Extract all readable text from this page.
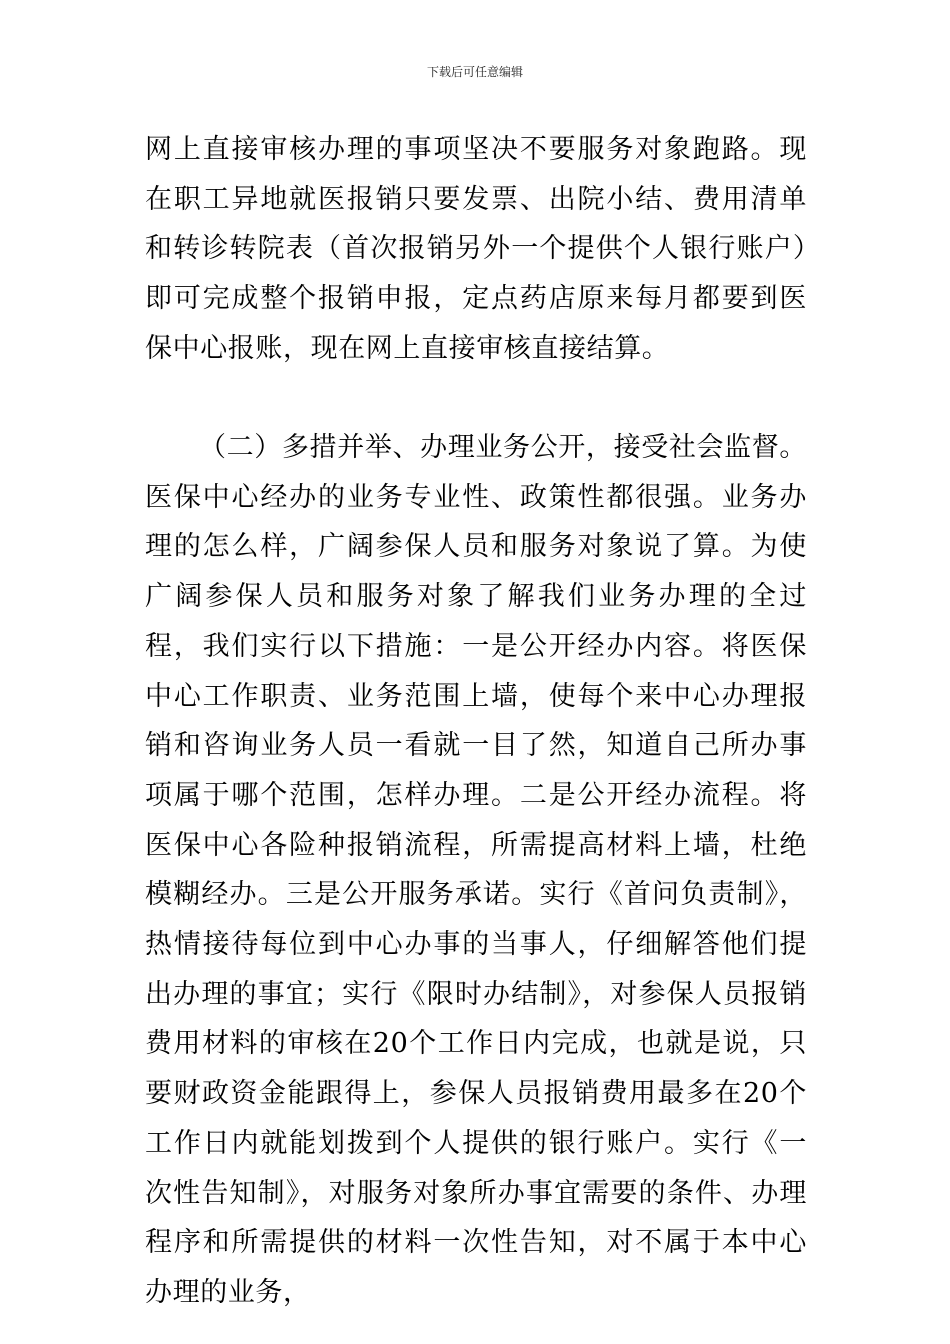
下载后可任意编辑

网上直接审核办理的事项坚决不要服务对象跑路。现在职工异地就医报销只要发票、出院小结、费用清单和转诊转院表（首次报销另外一个提供个人银行账户）即可完成整个报销申报，定点药店原来每月都要到医保中心报账，现在网上直接审核直接结算。

（二）多措并举、办理业务公开，接受社会监督。医保中心经办的业务专业性、政策性都很强。业务办理的怎么样，广阔参保人员和服务对象说了算。为使广阔参保人员和服务对象了解我们业务办理的全过程，我们实行以下措施：一是公开经办内容。将医保中心工作职责、业务范围上墙，使每个来中心办理报销和咨询业务人员一看就一目了然，知道自己所办事项属于哪个范围，怎样办理。二是公开经办流程。将医保中心各险种报销流程，所需提高材料上墙，杜绝模糊经办。三是公开服务承诺。实行《首问负责制》，热情接待每位到中心办事的当事人，仔细解答他们提出办理的事宜；实行《限时办结制》，对参保人员报销费用材料的审核在20个工作日内完成，也就是说，只要财政资金能跟得上，参保人员报销费用最多在20个工作日内就能划拨到个人提供的银行账户。实行《一次性告知制》，对服务对象所办事宜需要的条件、办理程序和所需提供的材料一次性告知，对不属于本中心办理的业务，
